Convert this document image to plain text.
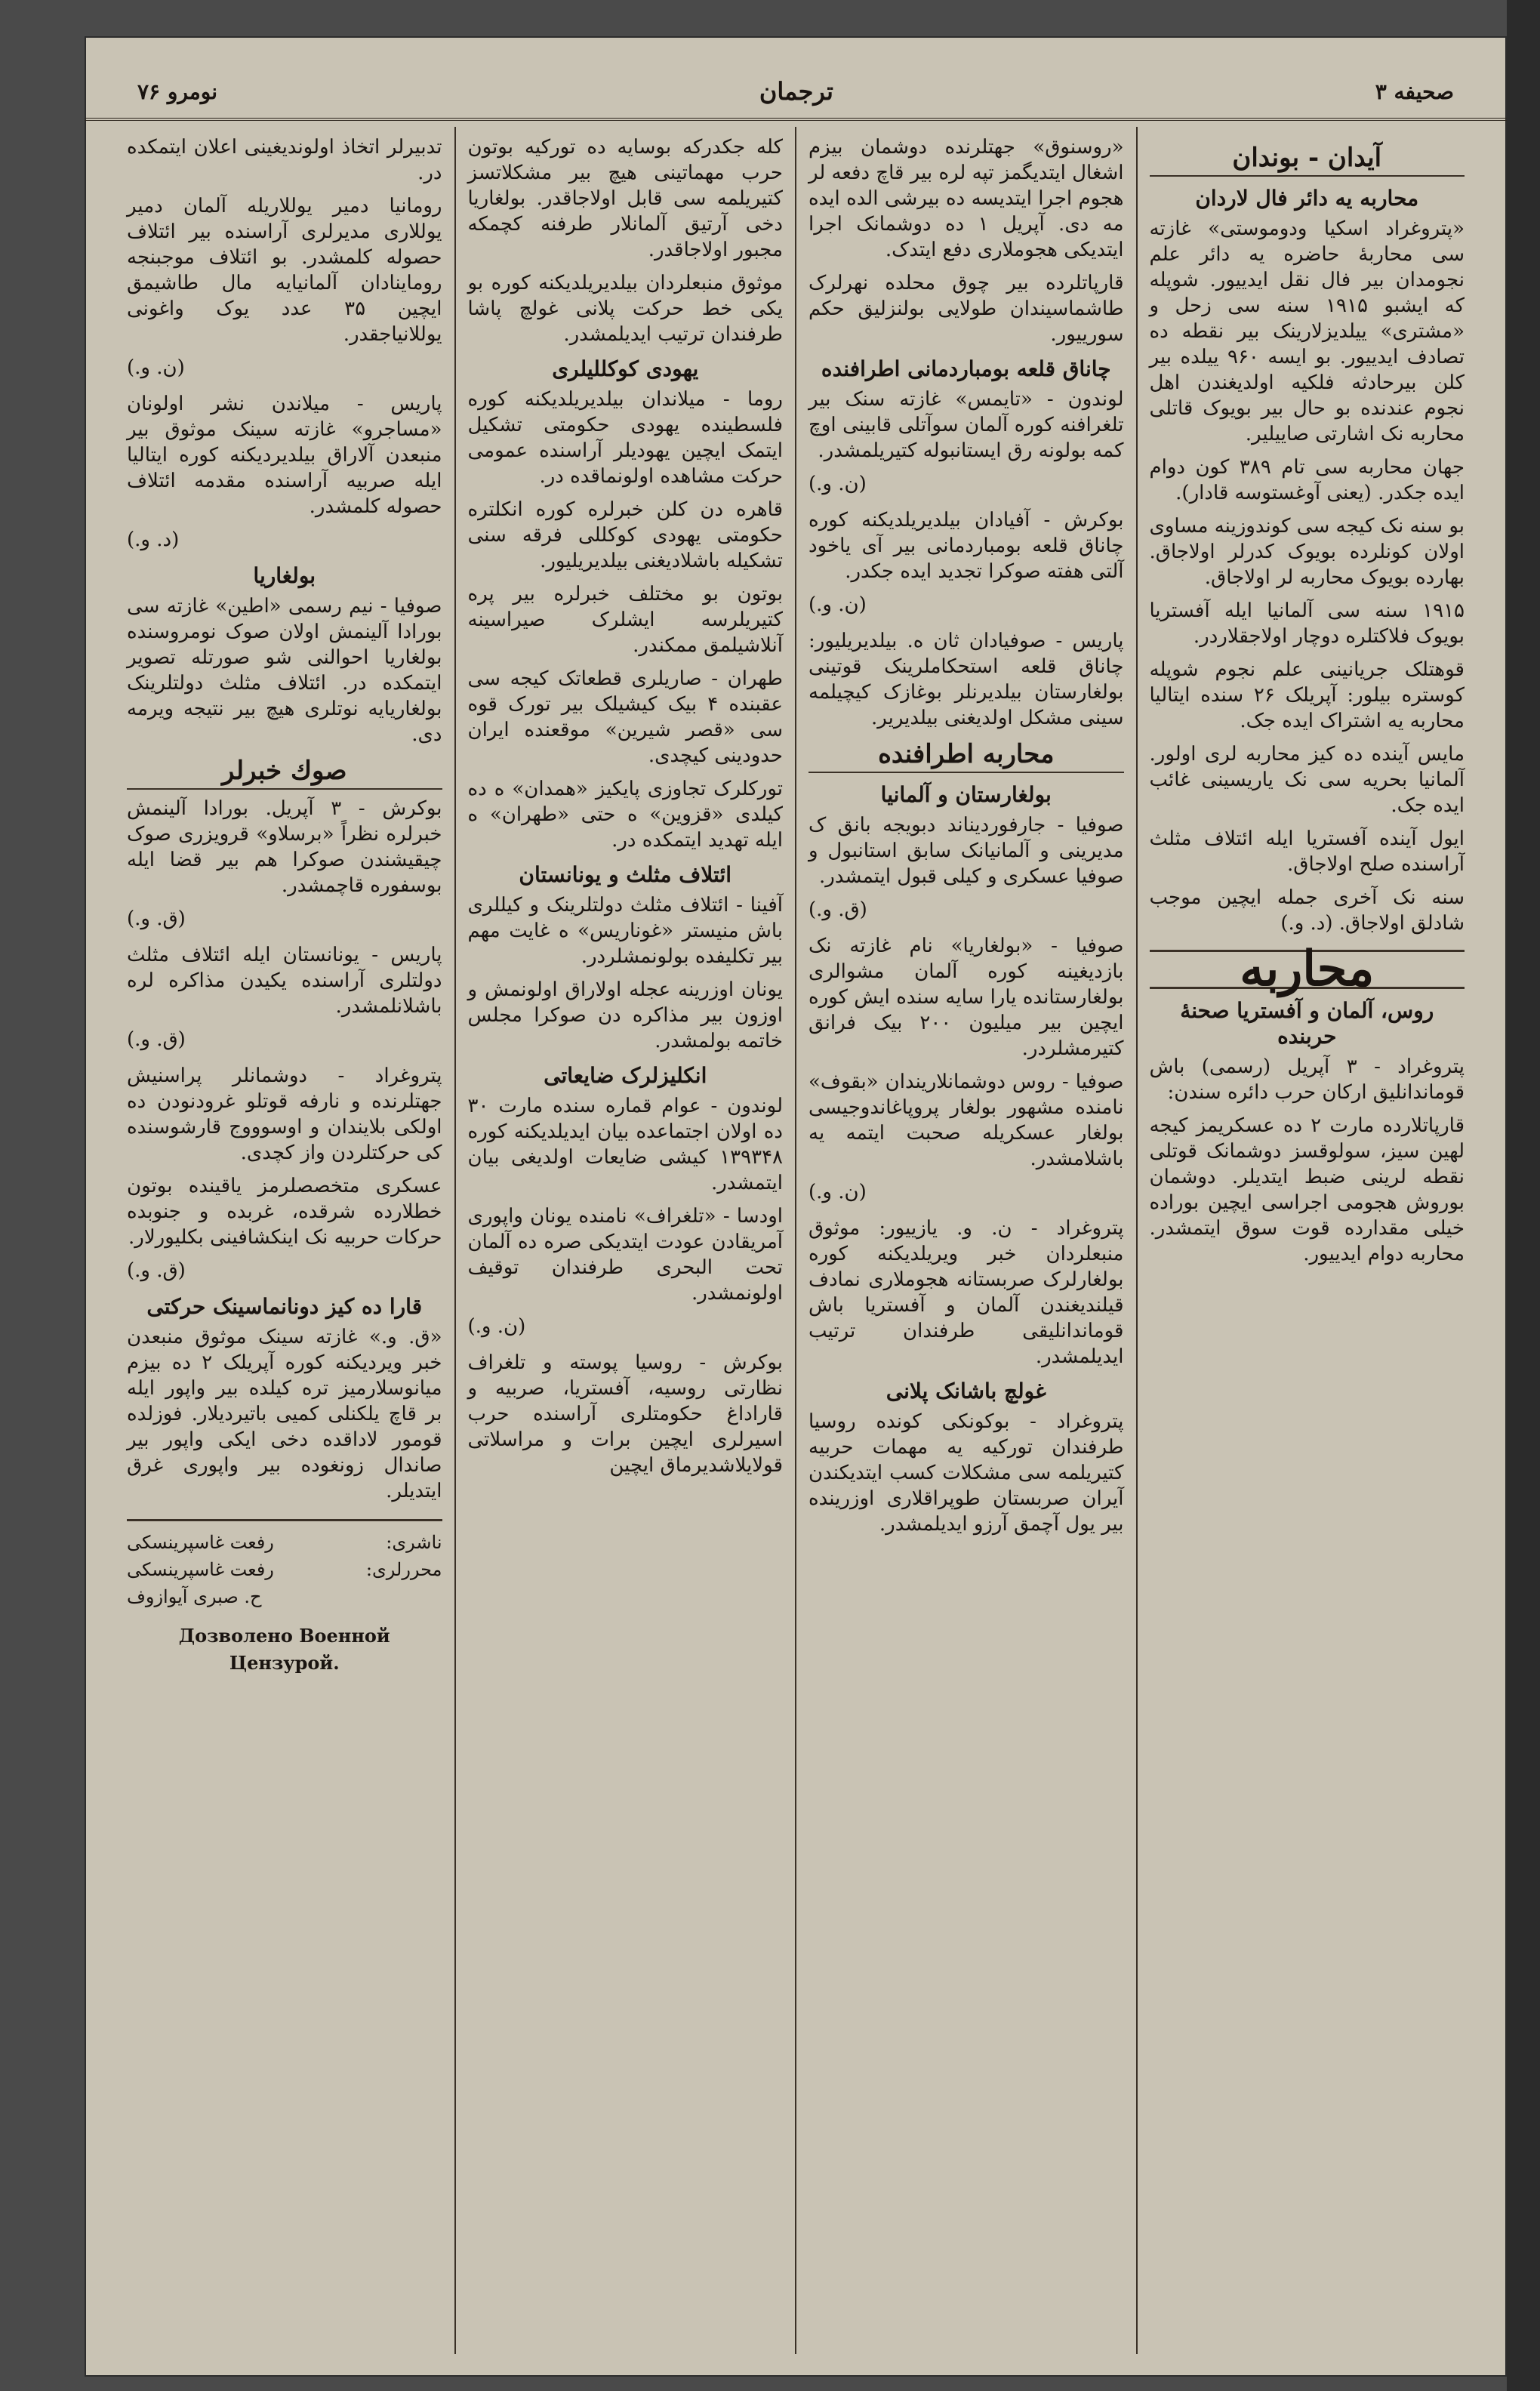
صحیفه ۳
ترجمان
نومرو ۷۶
آیدان - بوندان
محاربه یه دائر فال لاردان

«پتروغراد اسکیا ودوموستی» غازته سی محاربهٔ حاضره یه دائر علم نجومدان بیر فال نقل ایدییور. شوپله که ایشبو ۱۹۱۵ سنه سی زحل و «مشتری» ییلدیزلارینک بیر نقطه ده تصادف ایدییور. بو ایسه ۹۶۰ ییلده بیر کلن بیرحادثه فلکیه اولدیغندن اهل نجوم عندنده بو حال بیر بویوک قاتلی محاربه نک اشارتی صاییلیر.

جهان محاربه سی تام ۳۸۹ کون دوام ایده جکدر. (یعنی آوغستوسه قادار).

بو سنه نک کیجه سی کوندوزینه مساوی اولان کونلرده بویوک کدرلر اولاجاق. بهارده بویوک محاربه لر اولاجاق.

۱۹۱۵ سنه سی آلمانیا ایله آفستریا بویوک فلاکتلره دوچار اولاجقلاردر.

قوهتلک جریانینی علم نجوم شوپله کوستره بیلور: آپریلک ۲۶ سنده ایتالیا محاربه یه اشتراک ایده جک.

مایس آینده ده کیز محاربه لری اولور. آلمانیا بحریه سی نک یاریسینی غائب ایده جک.

ایول آینده آفستریا ایله ائتلاف مثلث آراسنده صلح اولاجاق.

سنه نک آخری جمله ایچین موجب شادلق اولاجاق. (د. و.)

محاربه
روس، آلمان و آفستریا صحنهٔ حربنده

پتروغراد - ۳ آپریل (رسمی) باش قوماندانلیق ارکان حرب دائره سندن:

قارپاتلارده مارت ۲ ده عسکریمز کیجه لهین سیز، سولوقسز دوشمانک قوتلی نقطه لرینی ضبط ایتدیلر. دوشمان بوروش هجومی اجراسی ایچین بوراده خیلی مقدارده قوت سوق ایتمشدر. محاربه دوام ایدییور.

«روسنوق» جهتلرنده دوشمان بیزم اشغال ایتدیگمز تپه لره بیر قاچ دفعه لر هجوم اجرا ایتدیسه ده بیرشی الده ایده مه دی. آپریل ۱ ده دوشمانک اجرا ایتدیکی هجوملاری دفع ایتدک.

قارپاتلرده بیر چوق محلده نهرلرک طاشماسیندان طولایی بولنزلیق حکم سورییور.

چاناق قلعه بومباردمانی اطرافنده

لوندون - «تایمس» غازته سنک بیر تلغرافنه کوره آلمان سوآتلی قابینی اوچ کمه بولونه رق ایستانبوله کتیریلمشدر.

(ن. و.)

بوکرش - آفیادان بیلدیریلدیکنه کوره چاناق قلعه بومباردمانی بیر آی یاخود آلتی هفته صوکرا تجدید ایده جکدر.

(ن. و.)

پاریس - صوفیادان ثان ه. بیلدیریلیور: چاناق قلعه استحکاملرینک قوتینی بولغارستان بیلدیرنلر بوغازک کیچیلمه سینی مشکل اولدیغنی بیلدیریر.

محاربه اطرافنده
بولغارستان و آلمانیا

صوفیا - جارفوردیناند دبویجه بانق ک مدیرینی و آلمانیانک سابق استانبول و صوفیا عسکری و کیلی قبول ایتمشدر.

(ق. و.)

صوفیا - «بولغاریا» نام غازته نک بازدیغینه کوره آلمان مشوالری بولغارستانده یارا سایه سنده ایش کوره ایچین بیر میلیون ۲۰۰ بیک فرانق کتیرمشلردر.

صوفیا - روس دوشمانلاریندان «بقوف» نامنده مشهور بولغار پروپاغاندوجیسی بولغار عسکریله صحبت ایتمه یه باشلامشدر.

(ن. و.)

پتروغراد - ن. و. یازییور: موثوق منبعلردان خبر ویریلدیکنه کوره بولغارلرک صربستانه هجوملاری نمادف قیلندیغندن آلمان و آفستریا باش قوماندانلیقی طرفندان ترتیب ایدیلمشدر.

غولچ باشانک پلانی

پتروغراد - بوکونکی کونده روسیا طرفندان توركیه یه مهمات حربیه کتیریلمه سی مشکلات کسب ایتدیکندن آیران صربستان طوپراقلاری اوزرینده بیر یول آچمق آرزو ایدیلمشدر.

کله جکدرکه بوسایه ده توركیه بوتون حرب مهماتینی هیچ بیر مشکلاتسز کتیریلمه سی قابل اولاجاقدر. بولغاریا دخی آرتیق آلمانلار طرفنه کچمکه مجبور اولاجاقدر.

موثوق منبعلردان بیلدیریلدیکنه کوره بو یکی خط حرکت پلانی غولچ پاشا طرفندان ترتیب ایدیلمشدر.

یهودی کوکللیلری

روما - میلاندان بیلدیریلدیکنه کوره فلسطینده یهودی حکومتی تشکیل ایتمک ایچین یهودیلر آراسنده عمومی حرکت مشاهده اولونماقده در.

قاهره دن کلن خبرلره کوره انکلتره حکومتی یهودی کوکللی فرقه سنی تشکیله باشلادیغنی بیلدیریلیور.

بوتون بو مختلف خبرلره بیر پره کتیریلرسه ایشلرک صیراسینه آنلاشیلمق ممکندر.

طهران - صاریلری قطعاتک کیجه سی عقبنده ۴ بیک کیشیلک بیر تورک قوه سی «قصر شیرین» موقعنده ایران حدودینی کیچدی.

تورکلرک تجاوزی پایکیز «همدان» ه ده کیلدی «قزوین» ه حتی «طهران» ه ایله تهدید ایتمکده در.

ائتلاف مثلث و یونانستان

آفینا - ائتلاف مثلث دولتلرینک و کیللری باش منیستر «غوناریس» ه غایت مهم بیر تکلیفده بولونمشلردر.

یونان اوزرینه عجله اولاراق اولونمش و اوزون بیر مذاکره دن صوکرا مجلس خاتمه بولمشدر.

انکلیزلرک ضایعاتی

لوندون - عوام قماره سنده مارت ۳۰ ده اولان اجتماعده بیان ایدیلدیکنه کوره ۱۳۹۳۴۸ کیشی ضایعات اولدیغی بیان ایتمشدر.

اودسا - «تلغراف» نامنده یونان واپوری آمریقادن عودت ایتدیکی صره ده آلمان تحت البحری طرفندان توقیف اولونمشدر.

(ن. و.)

بوکرش - روسیا پوسته و تلغراف نظارتی روسیه، آفستریا، صربیه و قاراداغ حکومتلری آراسنده حرب اسیرلری ایچین برات و مراسلاتی قولایلاشدیرماق ایچین

تدبیرلر اتخاذ اولوندیغینی اعلان ایتمکده در.

رومانیا دمیر یوللاریله آلمان دمیر یوللاری مدیرلری آراسنده بیر ائتلاف حصوله کلمشدر. بو ائتلاف موجبنجه روماینادان آلمانیایه مال طاشیمق ایچین ۳۵ عدد یوک واغونی یوللانیاجقدر.

(ن. و.)

پاریس - میلاندن نشر اولونان «مساجرو» غازته سینک موثوق بیر منبعدن آلاراق بیلدیردیکنه کوره ایتالیا ایله صربیه آراسنده مقدمه ائتلاف حصوله کلمشدر.

(د. و.)

بولغاریا

صوفیا - نیم رسمی «اطین» غازته سی بورادا آلینمش اولان صوک نومروسنده بولغاریا احوالنی شو صورتله تصویر ایتمکده در. ائتلاف مثلث دولتلرینک بولغاریایه نوتلری هیچ بیر نتیجه ویرمه دی.

صوك خبرلر

بوکرش - ۳ آپریل. بورادا آلینمش خبرلره نظراً «برسلاو» قرویزری صوک چیقیشندن صوکرا هم بیر قضا ایله بوسفوره قاچمشدر.

(ق. و.)

پاریس - یونانستان ایله ائتلاف مثلث دولتلری آراسنده یکیدن مذاکره لره باشلانلمشدر.

(ق. و.)

پتروغراد - دوشمانلر پراسنیش جهتلرنده و نارفه قوتلو غرودنودن ده اولکی بلایندان و اوسوووج قارشوسنده کی حرکتلردن واز کچدی.

عسکری متخصصلرمز یاقینده بوتون خطلارده شرقده، غربده و جنوبده حرکات حربیه نک اینکشافینی بکلیورلار.

(ق. و.)

قارا ده کیز دونانماسینک حرکتی

«ق. و.» غازته سینک موثوق منبعدن خبر ویردیکنه کوره آپریلک ۲ ده بیزم میانوسلارمیز تره کیلده بیر واپور ایله بر قاچ یلکنلی کمیی باتیردیلار. فوزلده قومور لاداقده دخی ایکی واپور بیر صاندال زونغوده بیر واپوری غرق ایتدیلر.

ناشری:
رفعت غاسپرینسکی
محررلری:
رفعت غاسپرینسکی
ح. صبری آیوازوف
Дозволено Военной Цензурой.
